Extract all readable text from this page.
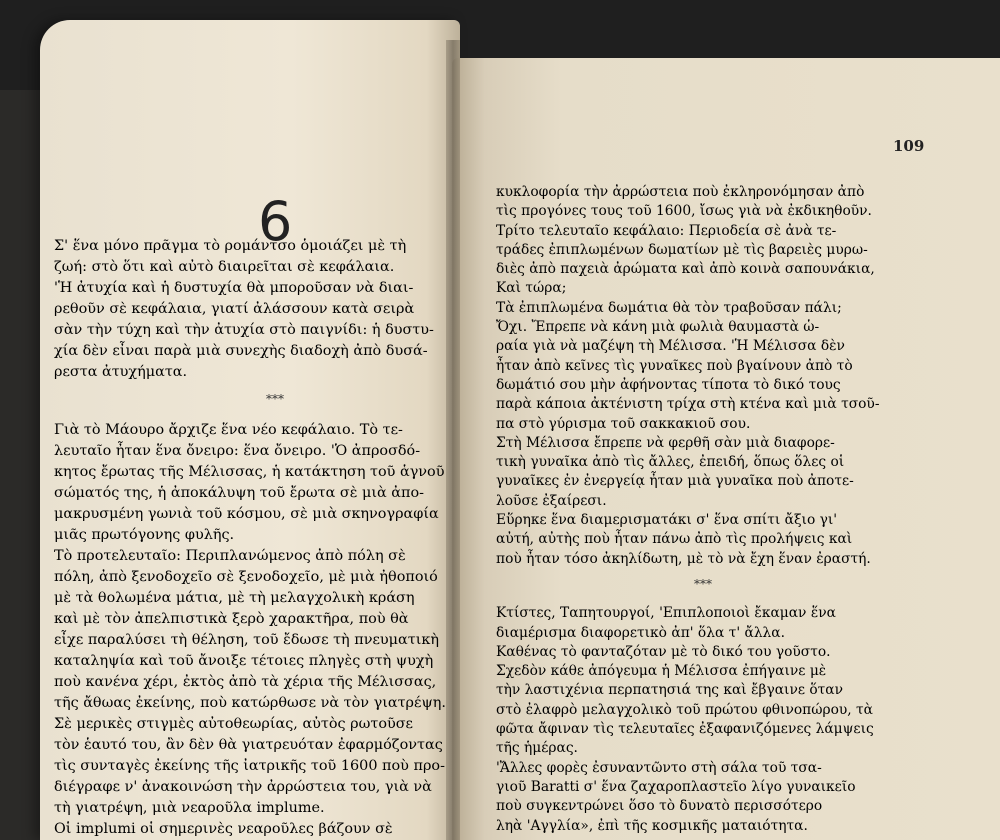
6
Σ' ἕνα μόνο πρᾶγμα τὸ ρομάντσο ὁμοιάζει μὲ τὴ
ζωή: στὸ ὅτι καὶ αὐτὸ διαιρεῖται σὲ κεφάλαια.
'Ἡ ἀτυχία καὶ ἡ δυστυχία θὰ μποροῦσαν νὰ διαι-
ρεθοῦν σὲ κεφάλαια, γιατί ἀλάσσουν κατὰ σειρὰ
σὰν τὴν τύχη καὶ τὴν ἀτυχία στὸ παιγνίδι: ἡ δυστυ-
χία δὲν εἶναι παρὰ μιὰ συνεχὴς διαδοχὴ ἀπὸ δυσά-
ρεστα ἀτυχήματα.
***
Γιὰ τὸ Μάουρο ἄρχιζε ἕνα νέο κεφάλαιο. Τὸ τε-
λευταῖο ἦταν ἕνα ὄνειρο: ἕνα ὄνειρο. 'Ὁ ἀπροσδό-
κητος ἔρωτας τῆς Μέλισσας, ἡ κατάκτηση τοῦ ἁγνοῦ
σώματός της, ἡ ἀποκάλυψη τοῦ ἔρωτα σὲ μιὰ ἀπο-
μακρυσμένη γωνιὰ τοῦ κόσμου, σὲ μιὰ σκηνογραφία
μιᾶς πρωτόγονης φυλῆς.
Τὸ προτελευταῖο: Περιπλανώμενος ἀπὸ πόλη σὲ
πόλη, ἀπὸ ξενοδοχεῖο σὲ ξενοδοχεῖο, μὲ μιὰ ἠθοποιό
μὲ τὰ θολωμένα μάτια, μὲ τὴ μελαγχολικὴ κράση
καὶ μὲ τὸν ἀπελπιστικὰ ξερὸ χαρακτῆρα, ποὺ θὰ
εἶχε παραλύσει τὴ θέληση, τοῦ ἔδωσε τὴ πνευματικὴ
καταληψία καὶ τοῦ ἄνοιξε τέτοιες πληγὲς στὴ ψυχὴ
ποὺ κανένα χέρι, ἐκτὸς ἀπὸ τὰ χέρια τῆς Μέλισσας,
τῆς ἄθωας ἐκείνης, ποὺ κατώρθωσε νὰ τὸν γιατρέψη.
Σὲ μερικὲς στιγμὲς αὐτοθεωρίας, αὐτὸς ρωτοῦσε
τὸν ἑαυτό του, ἂν δὲν θὰ γιατρευόταν ἐφαρμόζοντας
τὶς συνταγὲς ἐκείνης τῆς ἰατρικῆς τοῦ 1600 ποὺ προ-
διέγραφε ν' ἀνακοινώση τὴν ἀρρώστεια του, γιὰ νὰ
τὴ γιατρέψη, μιὰ νεαροῦλα implume.
Οἱ implumi οἱ σημερινὲς νεαροῦλες βάζουν σὲ
109
κυκλοφορία τὴν ἀρρώστεια ποὺ ἐκληρονόμησαν ἀπὸ
τὶς προγόνες τους τοῦ 1600, ἴσως γιὰ νὰ ἐκδικηθοῦν.
Τρίτο τελευταῖο κεφάλαιο: Περιοδεία σὲ ἀνὰ τε-
τράδες ἐπιπλωμένων δωματίων μὲ τὶς βαρειὲς μυρω-
διὲς ἀπὸ παχειὰ ἀρώματα καὶ ἀπὸ κοινὰ σαπουνάκια,
Καὶ τώρα;
Τὰ ἐπιπλωμένα δωμάτια θὰ τὸν τραβοῦσαν πάλι;
Ὄχι. Ἔπρεπε νὰ κάνη μιὰ φωλιὰ θαυμαστὰ ὡ-
ραία γιὰ νὰ μαζέψη τὴ Μέλισσα. 'Ἡ Μέλισσα δὲν
ἦταν ἀπὸ κεῖνες τὶς γυναῖκες ποὺ βγαίνουν ἀπὸ τὸ
δωμάτιό σου μὴν ἀφήνοντας τίποτα τὸ δικό τους
παρὰ κάποια ἀκτένιστη τρίχα στὴ κτένα καὶ μιὰ τσοῦ-
πα στὸ γύρισμα τοῦ σακκακιοῦ σου.
Στὴ Μέλισσα ἔπρεπε νὰ φερθῆ σὰν μιὰ διαφορε-
τικὴ γυναῖκα ἀπὸ τὶς ἄλλες, ἐπειδή, ὅπως ὅλες οἱ
γυναῖκες ἐν ἐνεργείᾳ ἦταν μιὰ γυναῖκα ποὺ ἀποτε-
λοῦσε ἐξαίρεσι.
Εὕρηκε ἕνα διαμερισματάκι σ' ἕνα σπίτι ἄξιο γι'
αὐτή, αὐτὴς ποὺ ἦταν πάνω ἀπὸ τὶς προλήψεις καὶ
ποὺ ἦταν τόσο ἀκηλίδωτη, μὲ τὸ νὰ ἔχη ἕναν ἐραστή.
***
Κτίστες, Ταπητουργοί, 'Επιπλοποιοὶ ἔκαμαν ἕνα
διαμέρισμα διαφορετικὸ ἀπ' ὅλα τ' ἄλλα.
Καθένας τὸ φανταζόταν μὲ τὸ δικό του γοῦστο.
Σχεδὸν κάθε ἀπόγευμα ἡ Μέλισσα ἐπήγαινε μὲ
τὴν λαστιχένια περπατησιά της καὶ ἔβγαινε ὅταν
στὸ ἐλαφρὸ μελαγχολικὸ τοῦ πρώτου φθινοπώρου, τὰ
φῶτα ἄφιναν τὶς τελευταῖες ἐξαφανιζόμενες λάμψεις
τῆς ἡμέρας.
'Ἄλλες φορὲς ἐσυναντῶντο στὴ σάλα τοῦ τσα-
γιοῦ Baratti σ' ἕνα ζαχαροπλαστεῖο λίγο γυναικεῖο
ποὺ συγκεντρώνει ὅσο τὸ δυνατὸ περισσότερο
ληὰ 'Αγγλία», ἐπὶ τῆς κοσμικῆς ματαιότητα.
